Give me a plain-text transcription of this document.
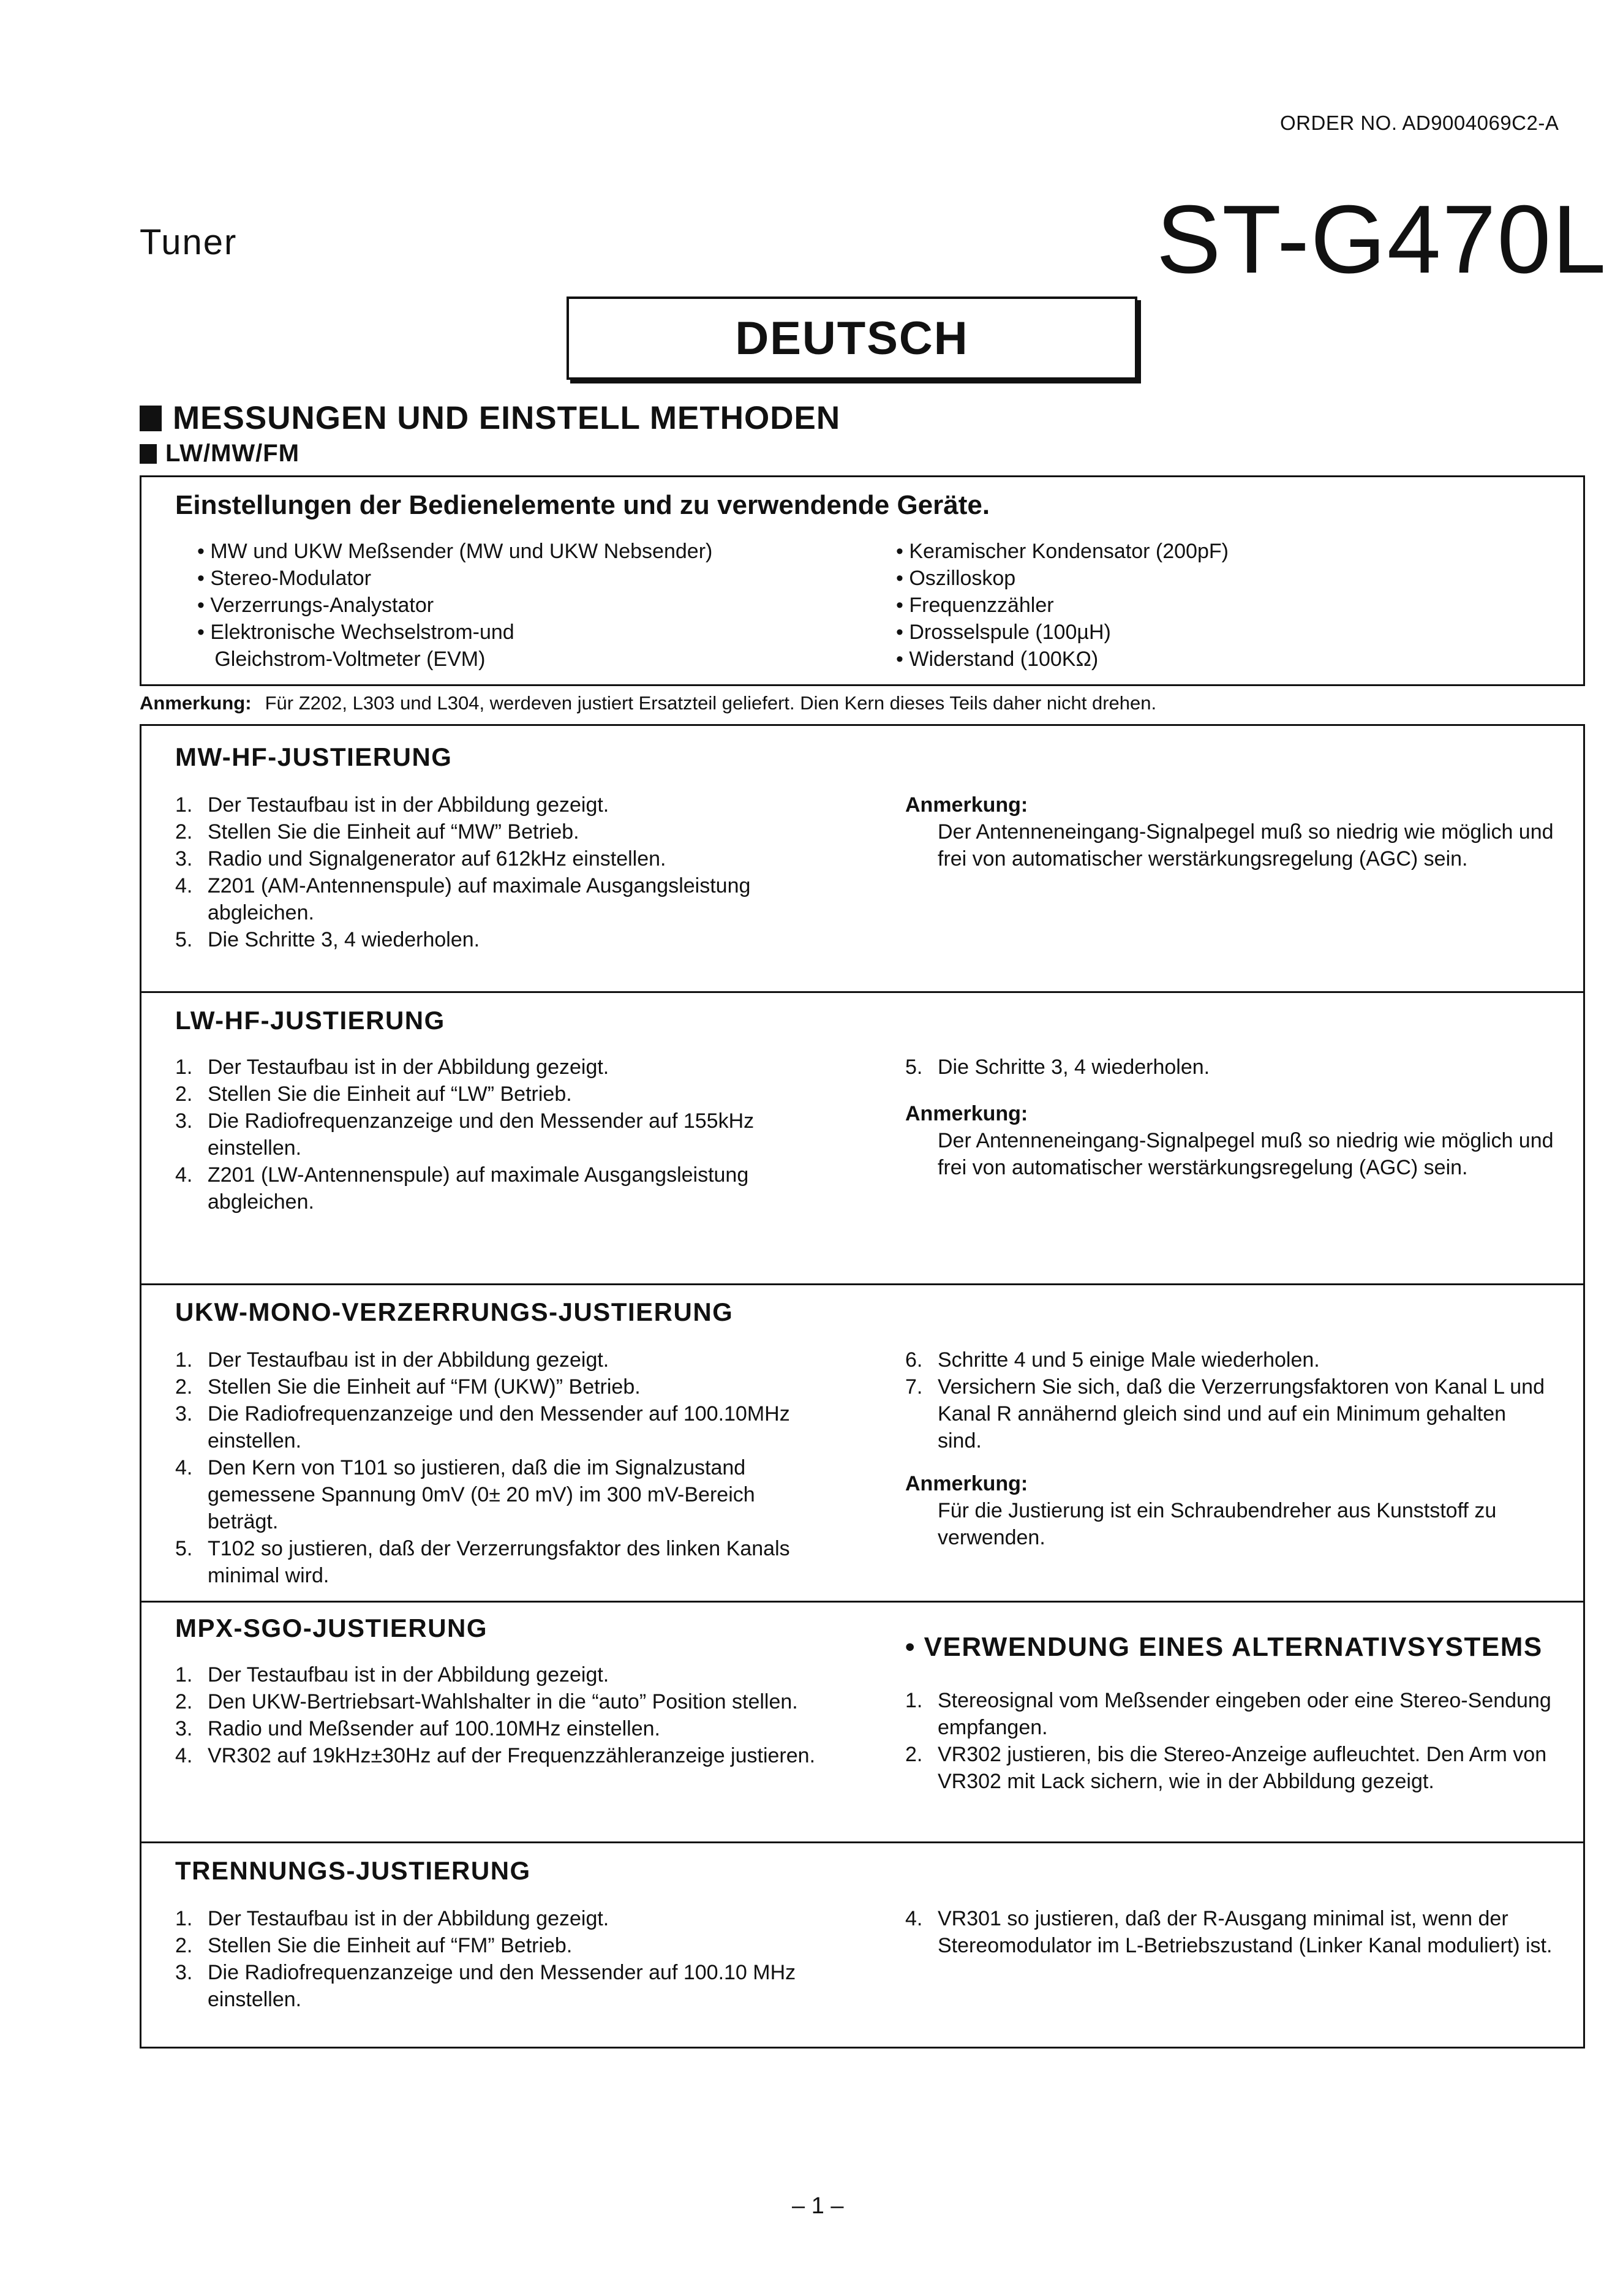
ORDER NO. AD9004069C2-A
Tuner	ST-G470L
DEUTSCH
MESSUNGEN UND EINSTELL METHODEN
LW/MW/FM
Einstellungen der Bedienelemente und zu verwendende Geräte.
• MW und UKW Meßsender (MW und UKW Nebsender)
• Stereo-Modulator
• Verzerrungs-Analystator
• Elektronische Wechselstrom-und
Gleichstrom-Voltmeter (EVM)
• Keramischer Kondensator (200pF)
• Oszilloskop
• Frequenzzähler
• Drosselspule (100µH)
• Widerstand (100KΩ)
Anmerkung: Für Z202, L303 und L304, werdeven justiert Ersatzteil geliefert. Dien Kern dieses Teils daher nicht drehen.
MW-HF-JUSTIERUNG
1. Der Testaufbau ist in der Abbildung gezeigt.
2. Stellen Sie die Einheit auf “MW” Betrieb.
3. Radio und Signalgenerator auf 612kHz einstellen.
4. Z201 (AM-Antennenspule) auf maximale Ausgangsleistung abgleichen.
5. Die Schritte 3, 4 wiederholen.
Anmerkung:
Der Antenneneingang-Signalpegel muß so niedrig wie möglich und frei von automatischer werstärkungsregelung (AGC) sein.
LW-HF-JUSTIERUNG
1. Der Testaufbau ist in der Abbildung gezeigt.
2. Stellen Sie die Einheit auf “LW” Betrieb.
3. Die Radiofrequenzanzeige und den Messender auf 155kHz einstellen.
4. Z201 (LW-Antennenspule) auf maximale Ausgangsleistung abgleichen.
5. Die Schritte 3, 4 wiederholen.
Anmerkung:
Der Antenneneingang-Signalpegel muß so niedrig wie möglich und frei von automatischer werstärkungsregelung (AGC) sein.
UKW-MONO-VERZERRUNGS-JUSTIERUNG
1. Der Testaufbau ist in der Abbildung gezeigt.
2. Stellen Sie die Einheit auf “FM (UKW)” Betrieb.
3. Die Radiofrequenzanzeige und den Messender auf 100.10MHz einstellen.
4. Den Kern von T101 so justieren, daß die im Signalzustand gemessene Spannung 0mV (0± 20 mV) im 300 mV-Bereich beträgt.
5. T102 so justieren, daß der Verzerrungsfaktor des linken Kanals minimal wird.
6. Schritte 4 und 5 einige Male wiederholen.
7. Versichern Sie sich, daß die Verzerrungsfaktoren von Kanal L und Kanal R annähernd gleich sind und auf ein Minimum gehalten sind.
Anmerkung:
Für die Justierung ist ein Schraubendreher aus Kunststoff zu verwenden.
MPX-SGO-JUSTIERUNG
1. Der Testaufbau ist in der Abbildung gezeigt.
2. Den UKW-Bertriebsart-Wahlshalter in die “auto” Position stellen.
3. Radio und Meßsender auf 100.10MHz einstellen.
4. VR302 auf 19kHz±30Hz auf der Frequenzzähleranzeige justieren.
• VERWENDUNG EINES ALTERNATIVSYSTEMS
1. Stereosignal vom Meßsender eingeben oder eine Stereo-Sendung empfangen.
2. VR302 justieren, bis die Stereo-Anzeige aufleuchtet. Den Arm von VR302 mit Lack sichern, wie in der Abbildung gezeigt.
TRENNUNGS-JUSTIERUNG
1. Der Testaufbau ist in der Abbildung gezeigt.
2. Stellen Sie die Einheit auf “FM” Betrieb.
3. Die Radiofrequenzanzeige und den Messender auf 100.10 MHz einstellen.
4. VR301 so justieren, daß der R-Ausgang minimal ist, wenn der Stereomodulator im L-Betriebszustand (Linker Kanal moduliert) ist.
– 1 –
